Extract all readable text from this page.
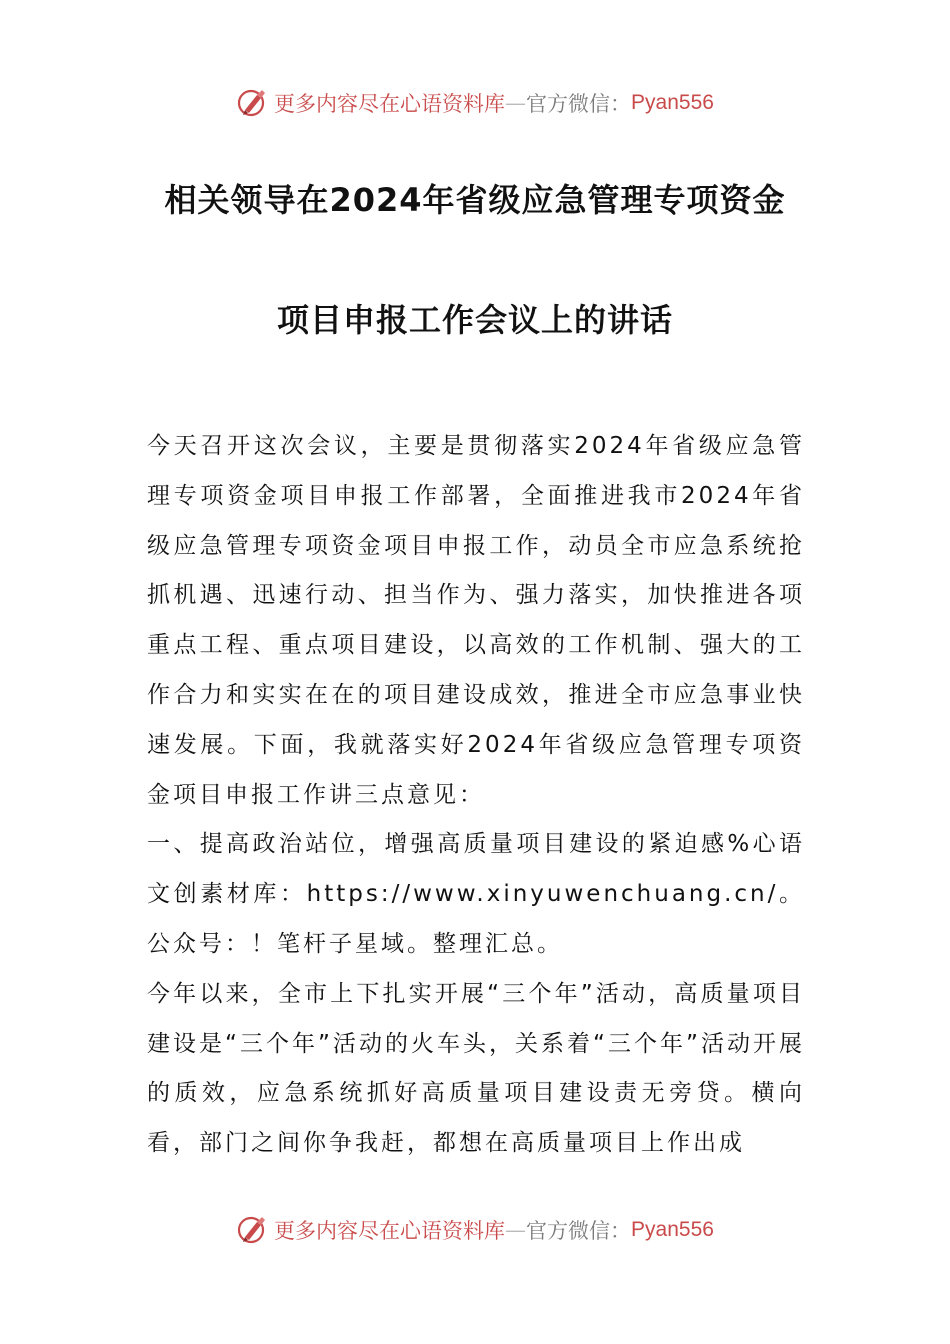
更多内容尽在心语资料库 — 官方微信： Pyan556
相关领导在2024年省级应急管理专项资金
项目申报工作会议上的讲话

今天召开这次会议，主要是贯彻落实2024年省级应急管理专项资金项目申报工作部署，全面推进我市2024年省级应急管理专项资金项目申报工作，动员全市应急系统抢抓机遇、迅速行动、担当作为、强力落实，加快推进各项重点工程、重点项目建设，以高效的工作机制、强大的工作合力和实实在在的项目建设成效，推进全市应急事业快速发展。下面，我就落实好2024年省级应急管理专项资金项目申报工作讲三点意见：

一、提高政治站位，增强高质量项目建设的紧迫感%心语文创素材库：https://www.xinyuwenchuang.cn/。公众号：！笔杆子星域。整理汇总。

今年以来，全市上下扎实开展“三个年”活动，高质量项目建设是“三个年”活动的火车头，关系着“三个年”活动开展的质效，应急系统抓好高质量项目建设责无旁贷。横向看，部门之间你争我赶，都想在高质量项目上作出成

更多内容尽在心语资料库 — 官方微信： Pyan556
